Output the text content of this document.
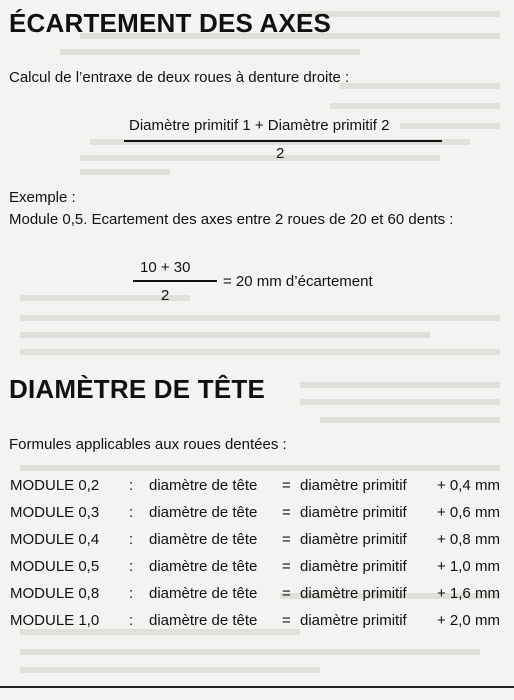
ÉCARTEMENT DES AXES
Calcul de l’entraxe de deux roues à denture droite :
Diamètre primitif 1 + Diamètre primitif 2
2
Exemple :
Module 0,5. Ecartement des axes entre 2 roues de 20 et 60 dents :
10 + 30
2
= 20 mm d’écartement
DIAMÈTRE DE TÊTE
Formules applicables aux roues dentées :
MODULE 0,2 : diamètre de tête = diamètre primitif + 0,4 mm
MODULE 0,3 : diamètre de tête = diamètre primitif + 0,6 mm
MODULE 0,4 : diamètre de tête = diamètre primitif + 0,8 mm
MODULE 0,5 : diamètre de tête = diamètre primitif + 1,0 mm
MODULE 0,8 : diamètre de tête = diamètre primitif + 1,6 mm
MODULE 1,0 : diamètre de tête = diamètre primitif + 2,0 mm
